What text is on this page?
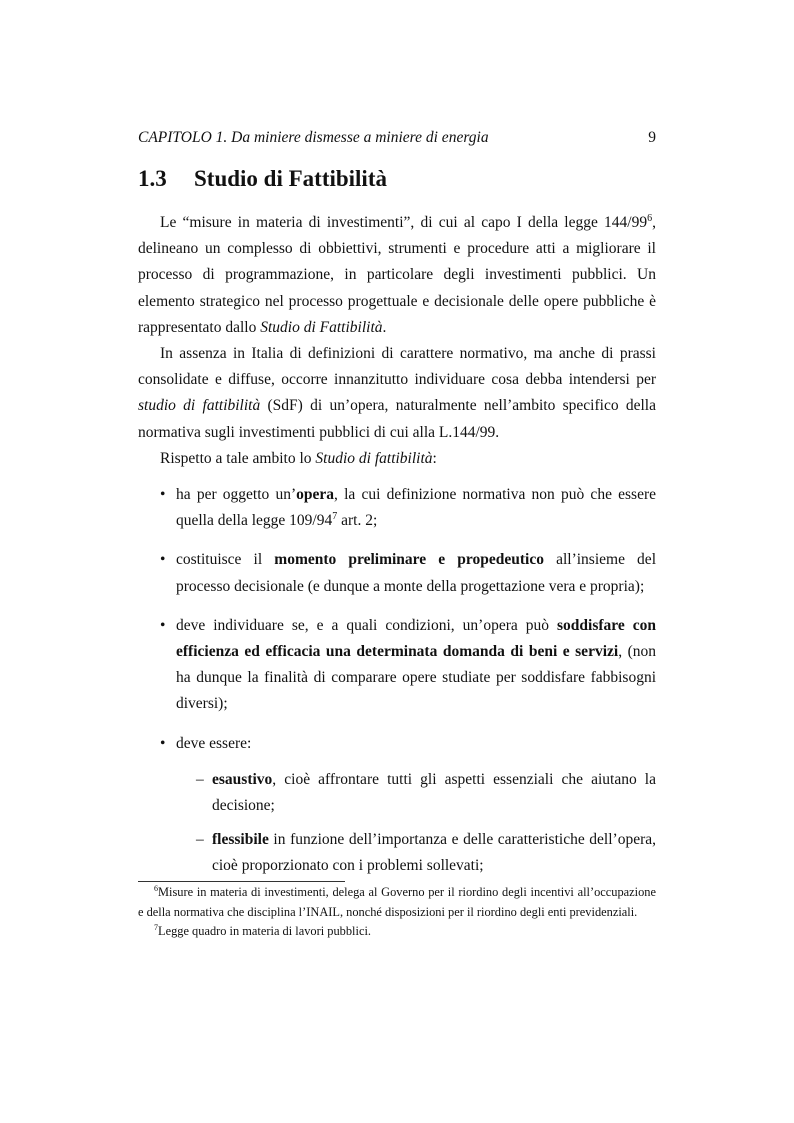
CAPITOLO 1. Da miniere dismesse a miniere di energia	9
1.3 Studio di Fattibilità

Le “misure in materia di investimenti”, di cui al capo I della legge $144/99^6$, delineano un complesso di obbiettivi, strumenti e procedure atti a migliorare il processo di programmazione, in particolare degli investimenti pubblici. Un elemento strategico nel processo progettuale e decisionale delle opere pubbliche è rappresentato dallo Studio di Fattibilità.

In assenza in Italia di definizioni di carattere normativo, ma anche di prassi consolidate e diffuse, occorre innanzitutto individuare cosa debba intendersi per studio di fattibilità (SdF) di un’opera, naturalmente nell’ambito specifico della normativa sugli investimenti pubblici di cui alla L.144/99.

Rispetto a tale ambito lo Studio di fattibilità:

• ha per oggetto un’opera, la cui definizione normativa non può che essere quella della legge $109/94^7$ art. 2;
• costituisce il momento preliminare e propedeutico all’insieme del processo decisionale (e dunque a monte della progettazione vera e propria);
• deve individuare se, e a quali condizioni, un’opera può soddisfare con efficienza ed efficacia una determinata domanda di beni e servizi, (non ha dunque la finalità di comparare opere studiate per soddisfare fabbisogni diversi);
• deve essere:
– esaustivo, cioè affrontare tutti gli aspetti essenziali che aiutano la decisione;
– flessibile in funzione dell’importanza e delle caratteristiche dell’opera, cioè proporzionato con i problemi sollevati;

$^6$Misure in materia di investimenti, delega al Governo per il riordino degli incentivi all’occupazione e della normativa che disciplina l’INAIL, nonché disposizioni per il riordino degli enti previdenziali.

$^7$Legge quadro in materia di lavori pubblici.
